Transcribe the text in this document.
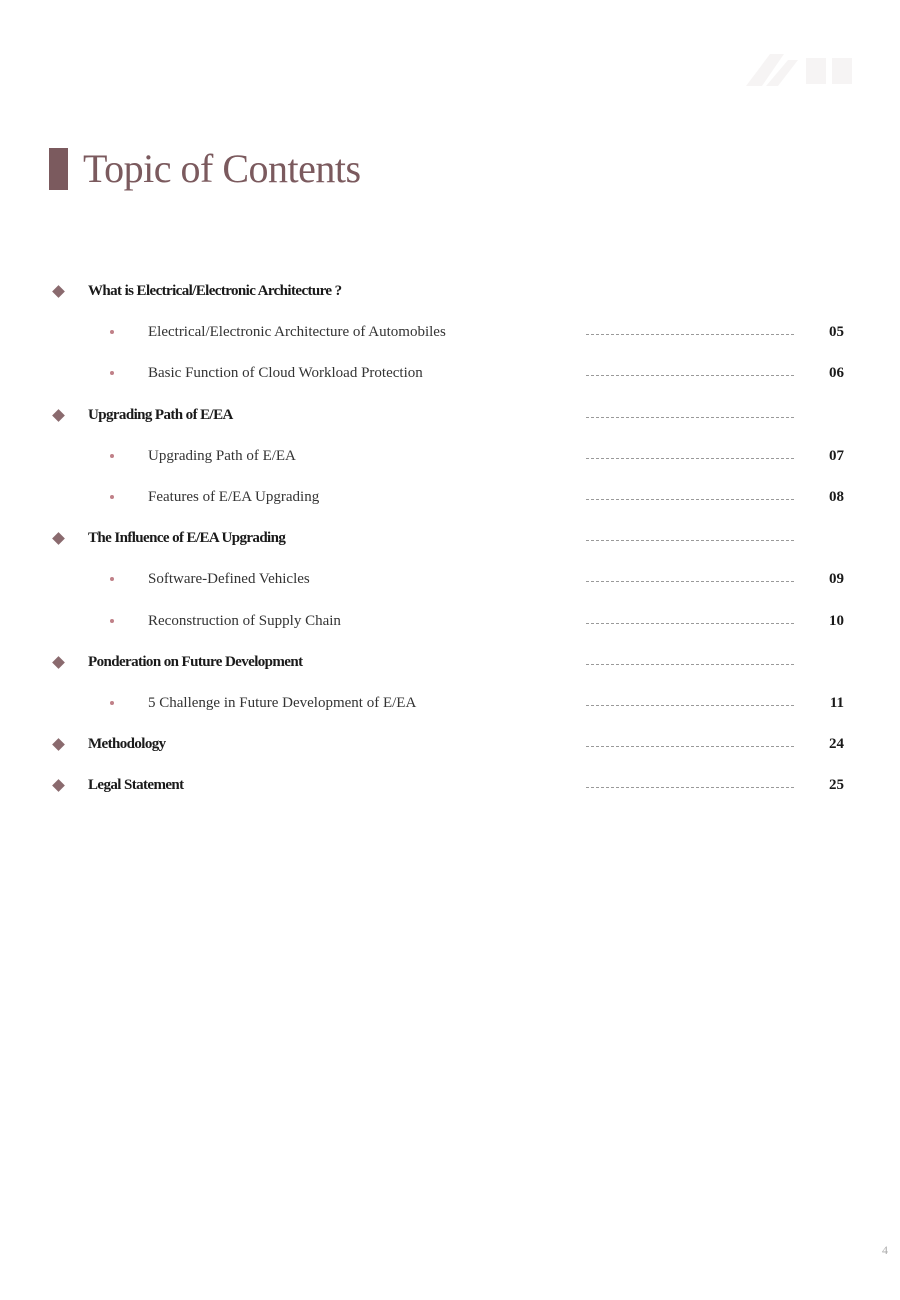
Topic of Contents
What is Electrical/Electronic Architecture ?
Electrical/Electronic Architecture of Automobiles	05
Basic Function of Cloud Workload Protection	06
Upgrading Path of E/EA
Upgrading Path of E/EA	07
Features of E/EA Upgrading	08
The Influence of E/EA Upgrading
Software-Defined Vehicles	09
Reconstruction of Supply Chain	10
Ponderation on Future Development
5 Challenge in Future Development of E/EA	11
Methodology	24
Legal Statement	25
4
